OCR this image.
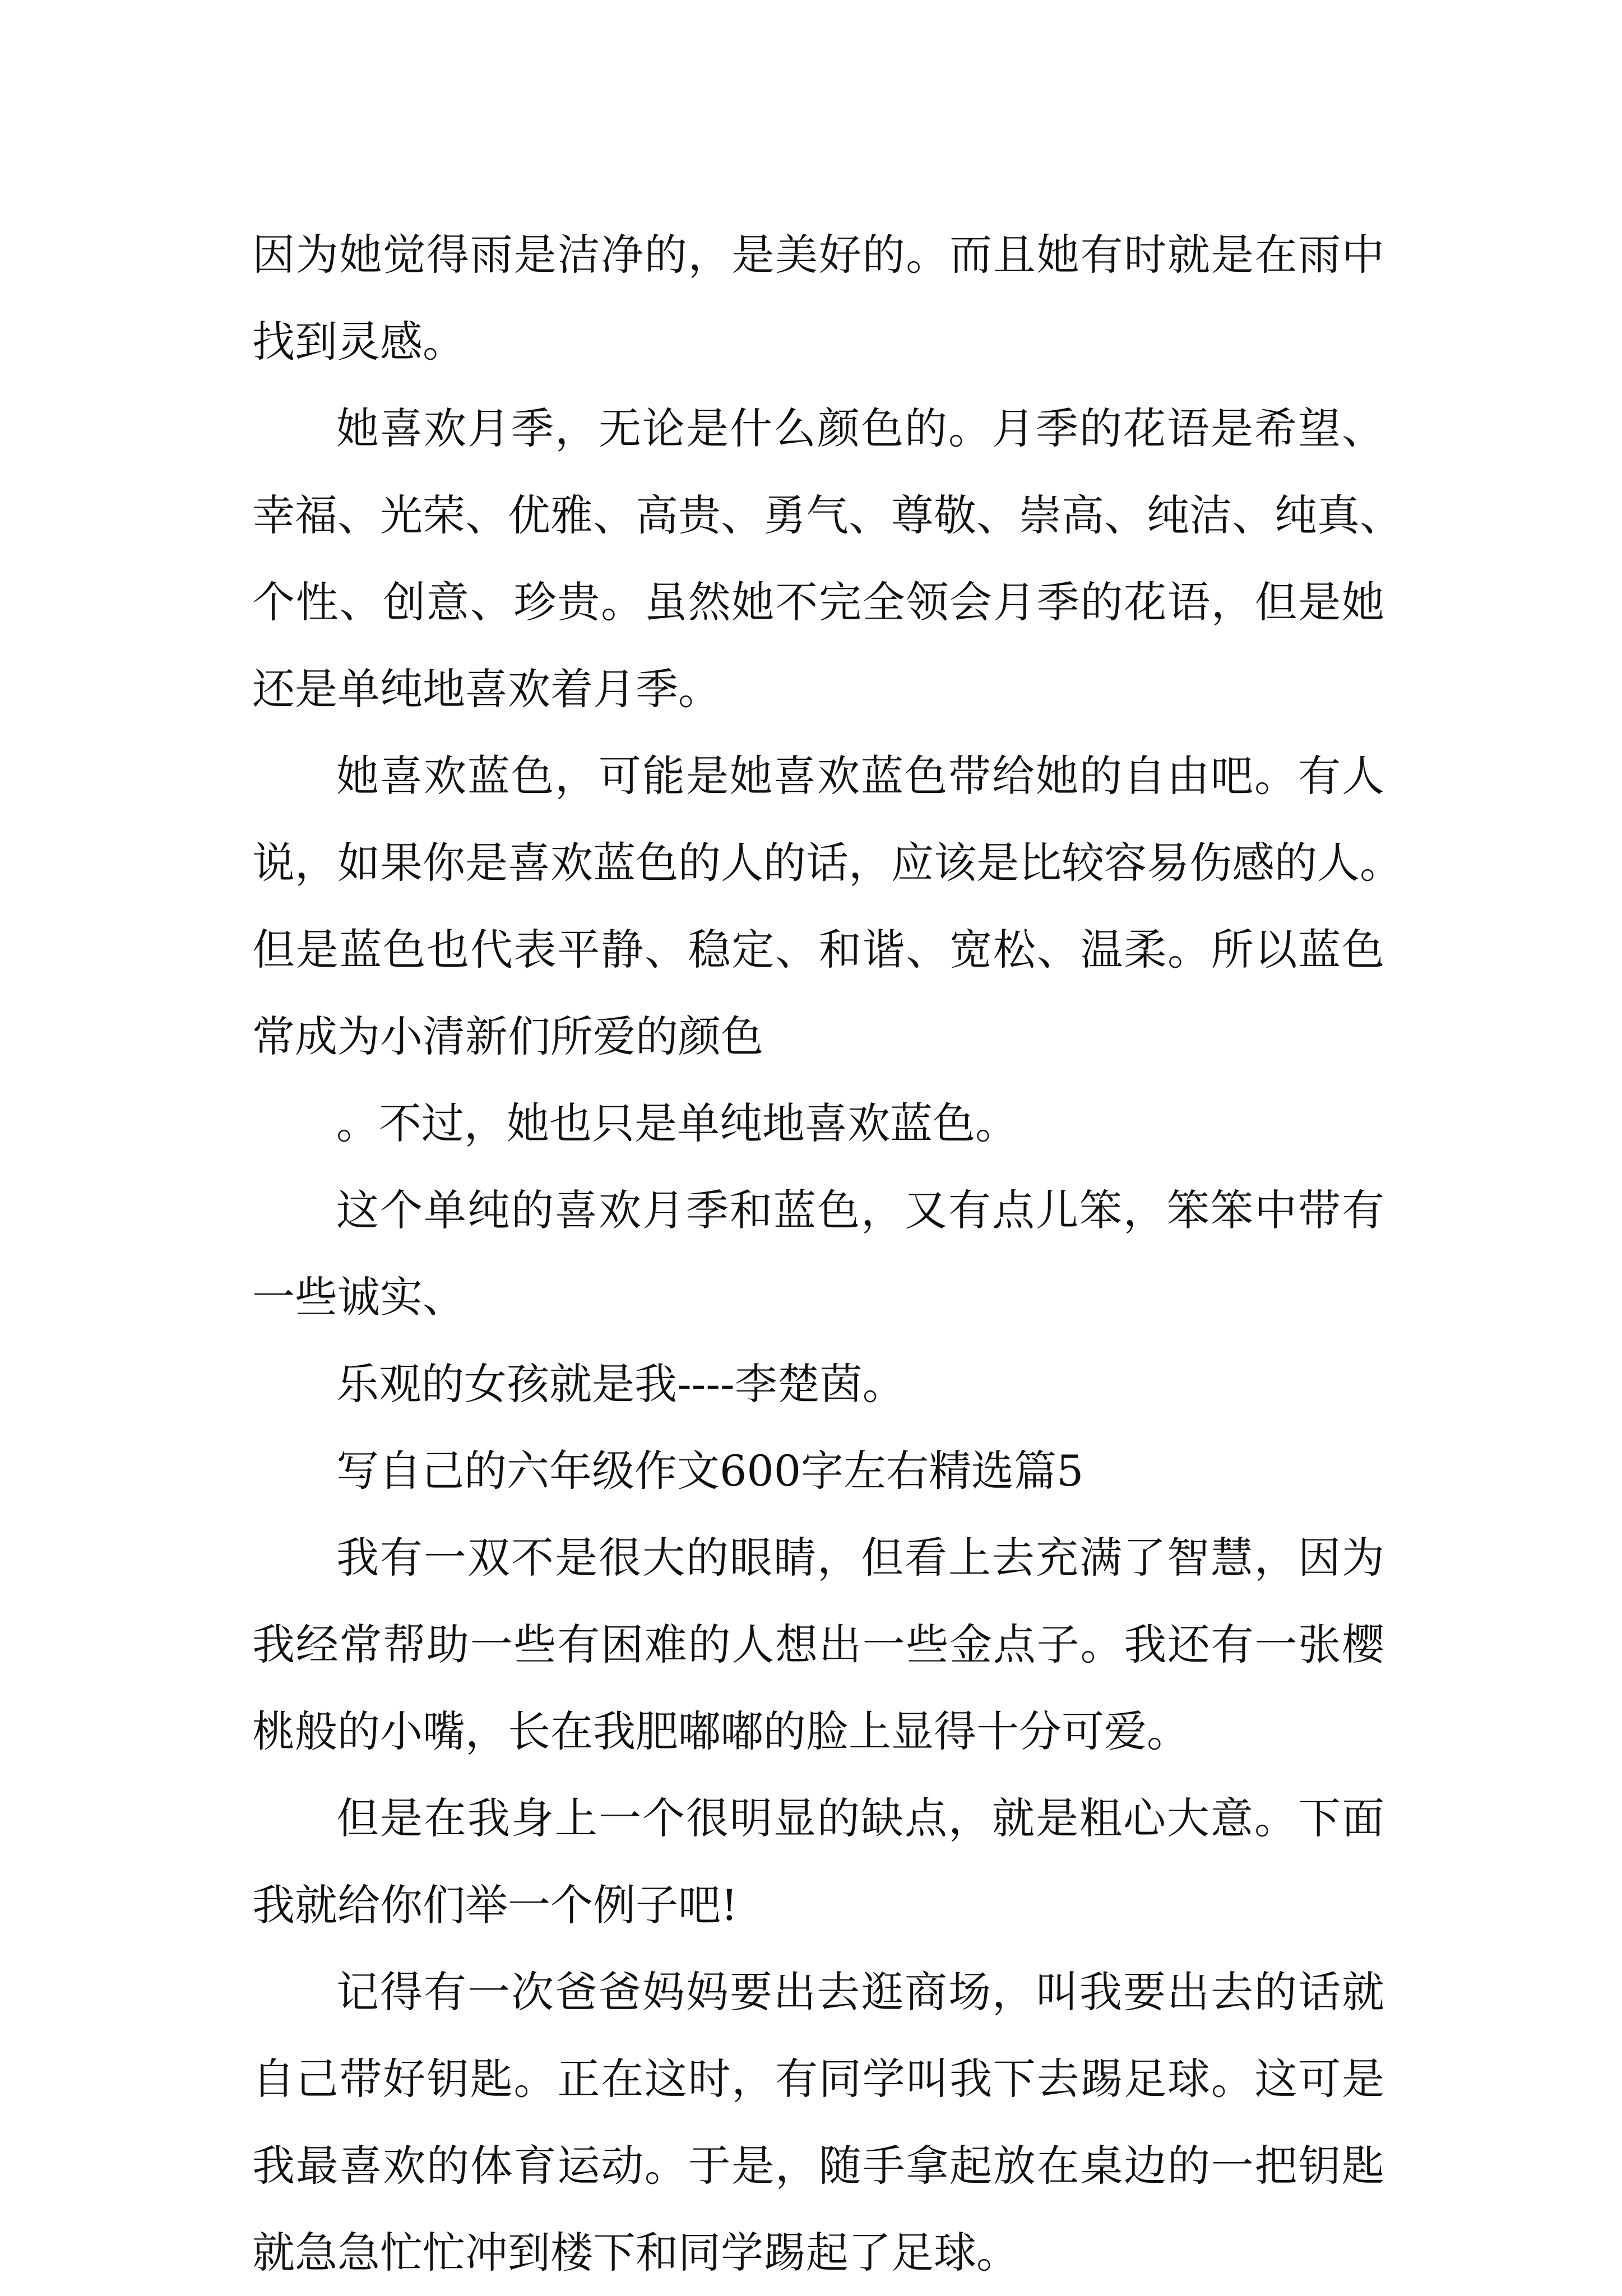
因为她觉得雨是洁净的，是美好的。而且她有时就是在雨中
找到灵感。
她喜欢月季，无论是什么颜色的。月季的花语是希望、
幸福、光荣、优雅、高贵、勇气、尊敬、崇高、纯洁、纯真、
个性、创意、珍贵。虽然她不完全领会月季的花语，但是她
还是单纯地喜欢着月季。
她喜欢蓝色，可能是她喜欢蓝色带给她的自由吧。有人
说，如果你是喜欢蓝色的人的话，应该是比较容易伤感的人。
但是蓝色也代表平静、稳定、和谐、宽松、温柔。所以蓝色
常成为小清新们所爱的颜色
。不过，她也只是单纯地喜欢蓝色。
这个单纯的喜欢月季和蓝色，又有点儿笨，笨笨中带有
一些诚实、
乐观的女孩就是我----李楚茵。
写自己的六年级作文600字左右精选篇5
我有一双不是很大的眼睛，但看上去充满了智慧，因为
我经常帮助一些有困难的人想出一些金点子。我还有一张樱
桃般的小嘴，长在我肥嘟嘟的脸上显得十分可爱。
但是在我身上一个很明显的缺点，就是粗心大意。下面
我就给你们举一个例子吧!
记得有一次爸爸妈妈要出去逛商场，叫我要出去的话就
自己带好钥匙。正在这时，有同学叫我下去踢足球。这可是
我最喜欢的体育运动。于是，随手拿起放在桌边的一把钥匙
就急急忙忙冲到楼下和同学踢起了足球。
